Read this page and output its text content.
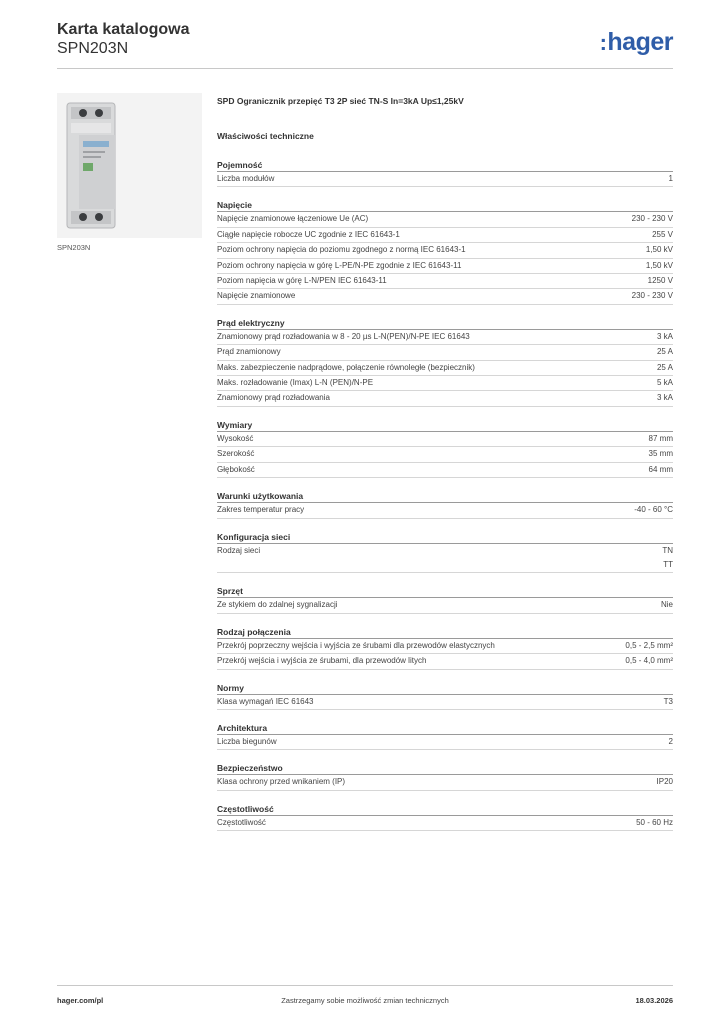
Karta katalogowa
SPN203N	:hager
SPN203N
SPD Ogranicznik przepięć T3 2P sieć TN-S In=3kA Up≤1,25kV
Właściwości techniczne
Pojemność
Liczba modułów	1
Napięcie
Napięcie znamionowe łączeniowe Ue (AC)	230 - 230 V
Ciągłe napięcie robocze UC zgodnie z IEC 61643-1	255 V
Poziom ochrony napięcia do poziomu zgodnego z normą IEC 61643-1	1,50 kV
Poziom ochrony napięcia w górę L-PE/N-PE zgodnie z IEC 61643-11	1,50 kV
Poziom napięcia w górę L-N/PEN IEC 61643-11	1250 V
Napięcie znamionowe	230 - 230 V
Prąd elektryczny
Znamionowy prąd rozładowania w 8 - 20 µs L-N(PEN)/N-PE IEC 61643	3 kA
Prąd znamionowy	25 A
Maks. zabezpieczenie nadprądowe, połączenie równoległe (bezpiecznik)	25 A
Maks. rozładowanie (Imax) L-N (PEN)/N-PE	5 kA
Znamionowy prąd rozładowania	3 kA
Wymiary
Wysokość	87 mm
Szerokość	35 mm
Głębokość	64 mm
Warunki użytkowania
Zakres temperatur pracy	-40 - 60 °C
Konfiguracja sieci
Rodzaj sieci	TN
TT
Sprzęt
Ze stykiem do zdalnej sygnalizacji	Nie
Rodzaj połączenia
Przekrój poprzeczny wejścia i wyjścia ze śrubami dla przewodów elastycznych	0,5 - 2,5 mm²
Przekrój wejścia i wyjścia ze śrubami, dla przewodów litych	0,5 - 4,0 mm²
Normy
Klasa wymagań IEC 61643	T3
Architektura
Liczba biegunów	2
Bezpieczeństwo
Klasa ochrony przed wnikaniem (IP)	IP20
Częstotliwość
Częstotliwość	50 - 60 Hz
hager.com/pl	Zastrzegamy sobie możliwość zmian technicznych	18.03.2026
